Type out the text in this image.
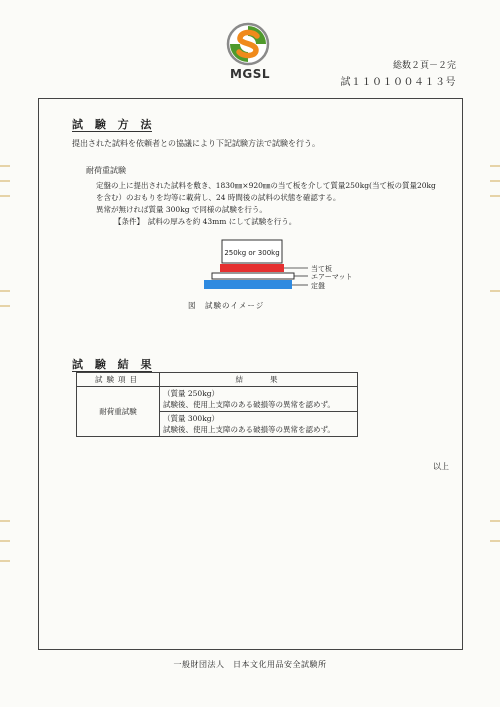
MGSL
総数２頁－２完
試１１０１００４１３号
試 験 方 法
提出された試料を依頼者との協議により下記試験方法で試験を行う。
耐荷重試験
定盤の上に提出された試料を敷き、1830㎜×920㎜の当て板を介して質量250kg(当て板の質量20kg
を含む）のおもりを均等に載荷し、24 時間後の試料の状態を確認する。
異常が無ければ質量 300kg で同様の試験を行う。
【条件】　試料の厚みを約 43mm にして試験を行う。
250kg or 300kg
当て板
エアーマット
定盤
図　試験のイメージ
試 験 結 果
試験項目	結　　果
耐荷重試験	（質量 250kg）
試験後、使用上支障のある破損等の異常を認めず。

	（質量 300kg）
試験後、使用上支障のある破損等の異常を認めず。
以上
一般財団法人　日本文化用品安全試験所
